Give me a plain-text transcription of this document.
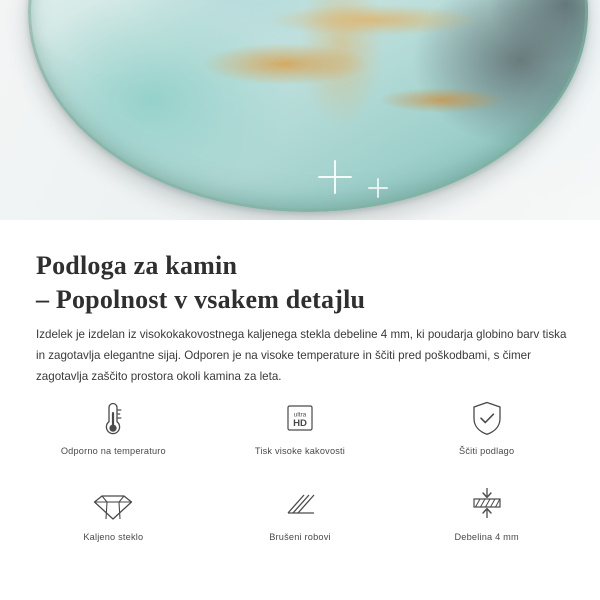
Podloga za kamin
– Popolnost v vsakem detajlu

Izdelek je izdelan iz visokokakovostnega kaljenega stekla debeline 4 mm, ki poudarja globino barv tiska in zagotavlja elegantne sijaj. Odporen je na visoke temperature in ščiti pred poškodbami, s čimer zagotavlja zaščito prostora okoli kamina za leta.

Odporno na temperaturo
ultra
HD
Tisk visoke kakovosti	Ščiti podlago
Kaljeno steklo	Brušeni robovi	Debelina 4 mm
